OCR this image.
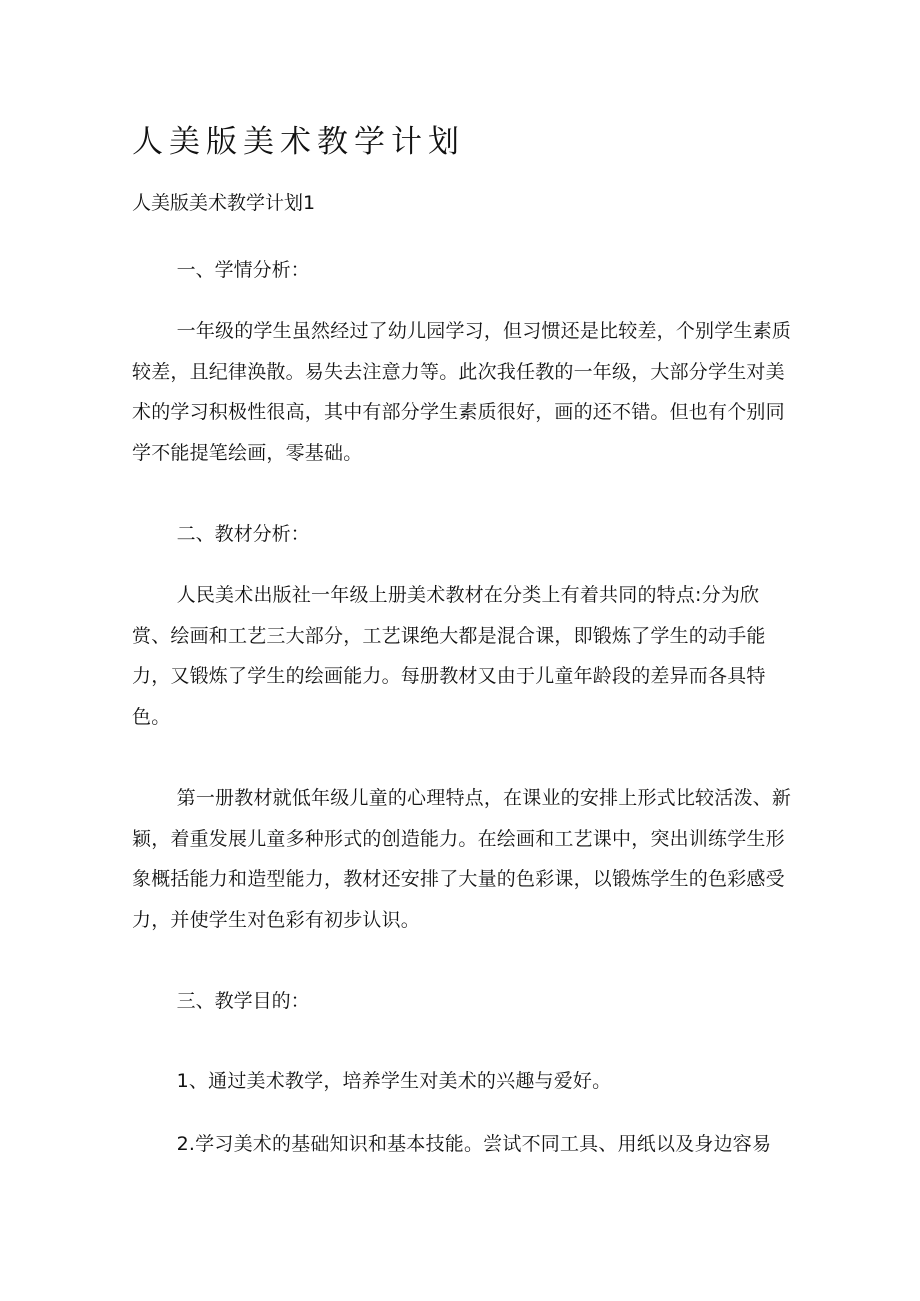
人美版美术教学计划

人美版美术教学计划1

一、学情分析：

一年级的学生虽然经过了幼儿园学习，但习惯还是比较差，个别学生素质较差，且纪律涣散。易失去注意力等。此次我任教的一年级，大部分学生对美术的学习积极性很高，其中有部分学生素质很好，画的还不错。但也有个别同学不能提笔绘画，零基础。

二、教材分析：

人民美术出版社一年级上册美术教材在分类上有着共同的特点:分为欣赏、绘画和工艺三大部分，工艺课绝大都是混合课，即锻炼了学生的动手能力，又锻炼了学生的绘画能力。每册教材又由于儿童年龄段的差异而各具特色。

第一册教材就低年级儿童的心理特点，在课业的安排上形式比较活泼、新颖，着重发展儿童多种形式的创造能力。在绘画和工艺课中，突出训练学生形象概括能力和造型能力，教材还安排了大量的色彩课，以锻炼学生的色彩感受力，并使学生对色彩有初步认识。

三、教学目的：

1、通过美术教学，培养学生对美术的兴趣与爱好。

2.学习美术的基础知识和基本技能。尝试不同工具、用纸以及身边容易
